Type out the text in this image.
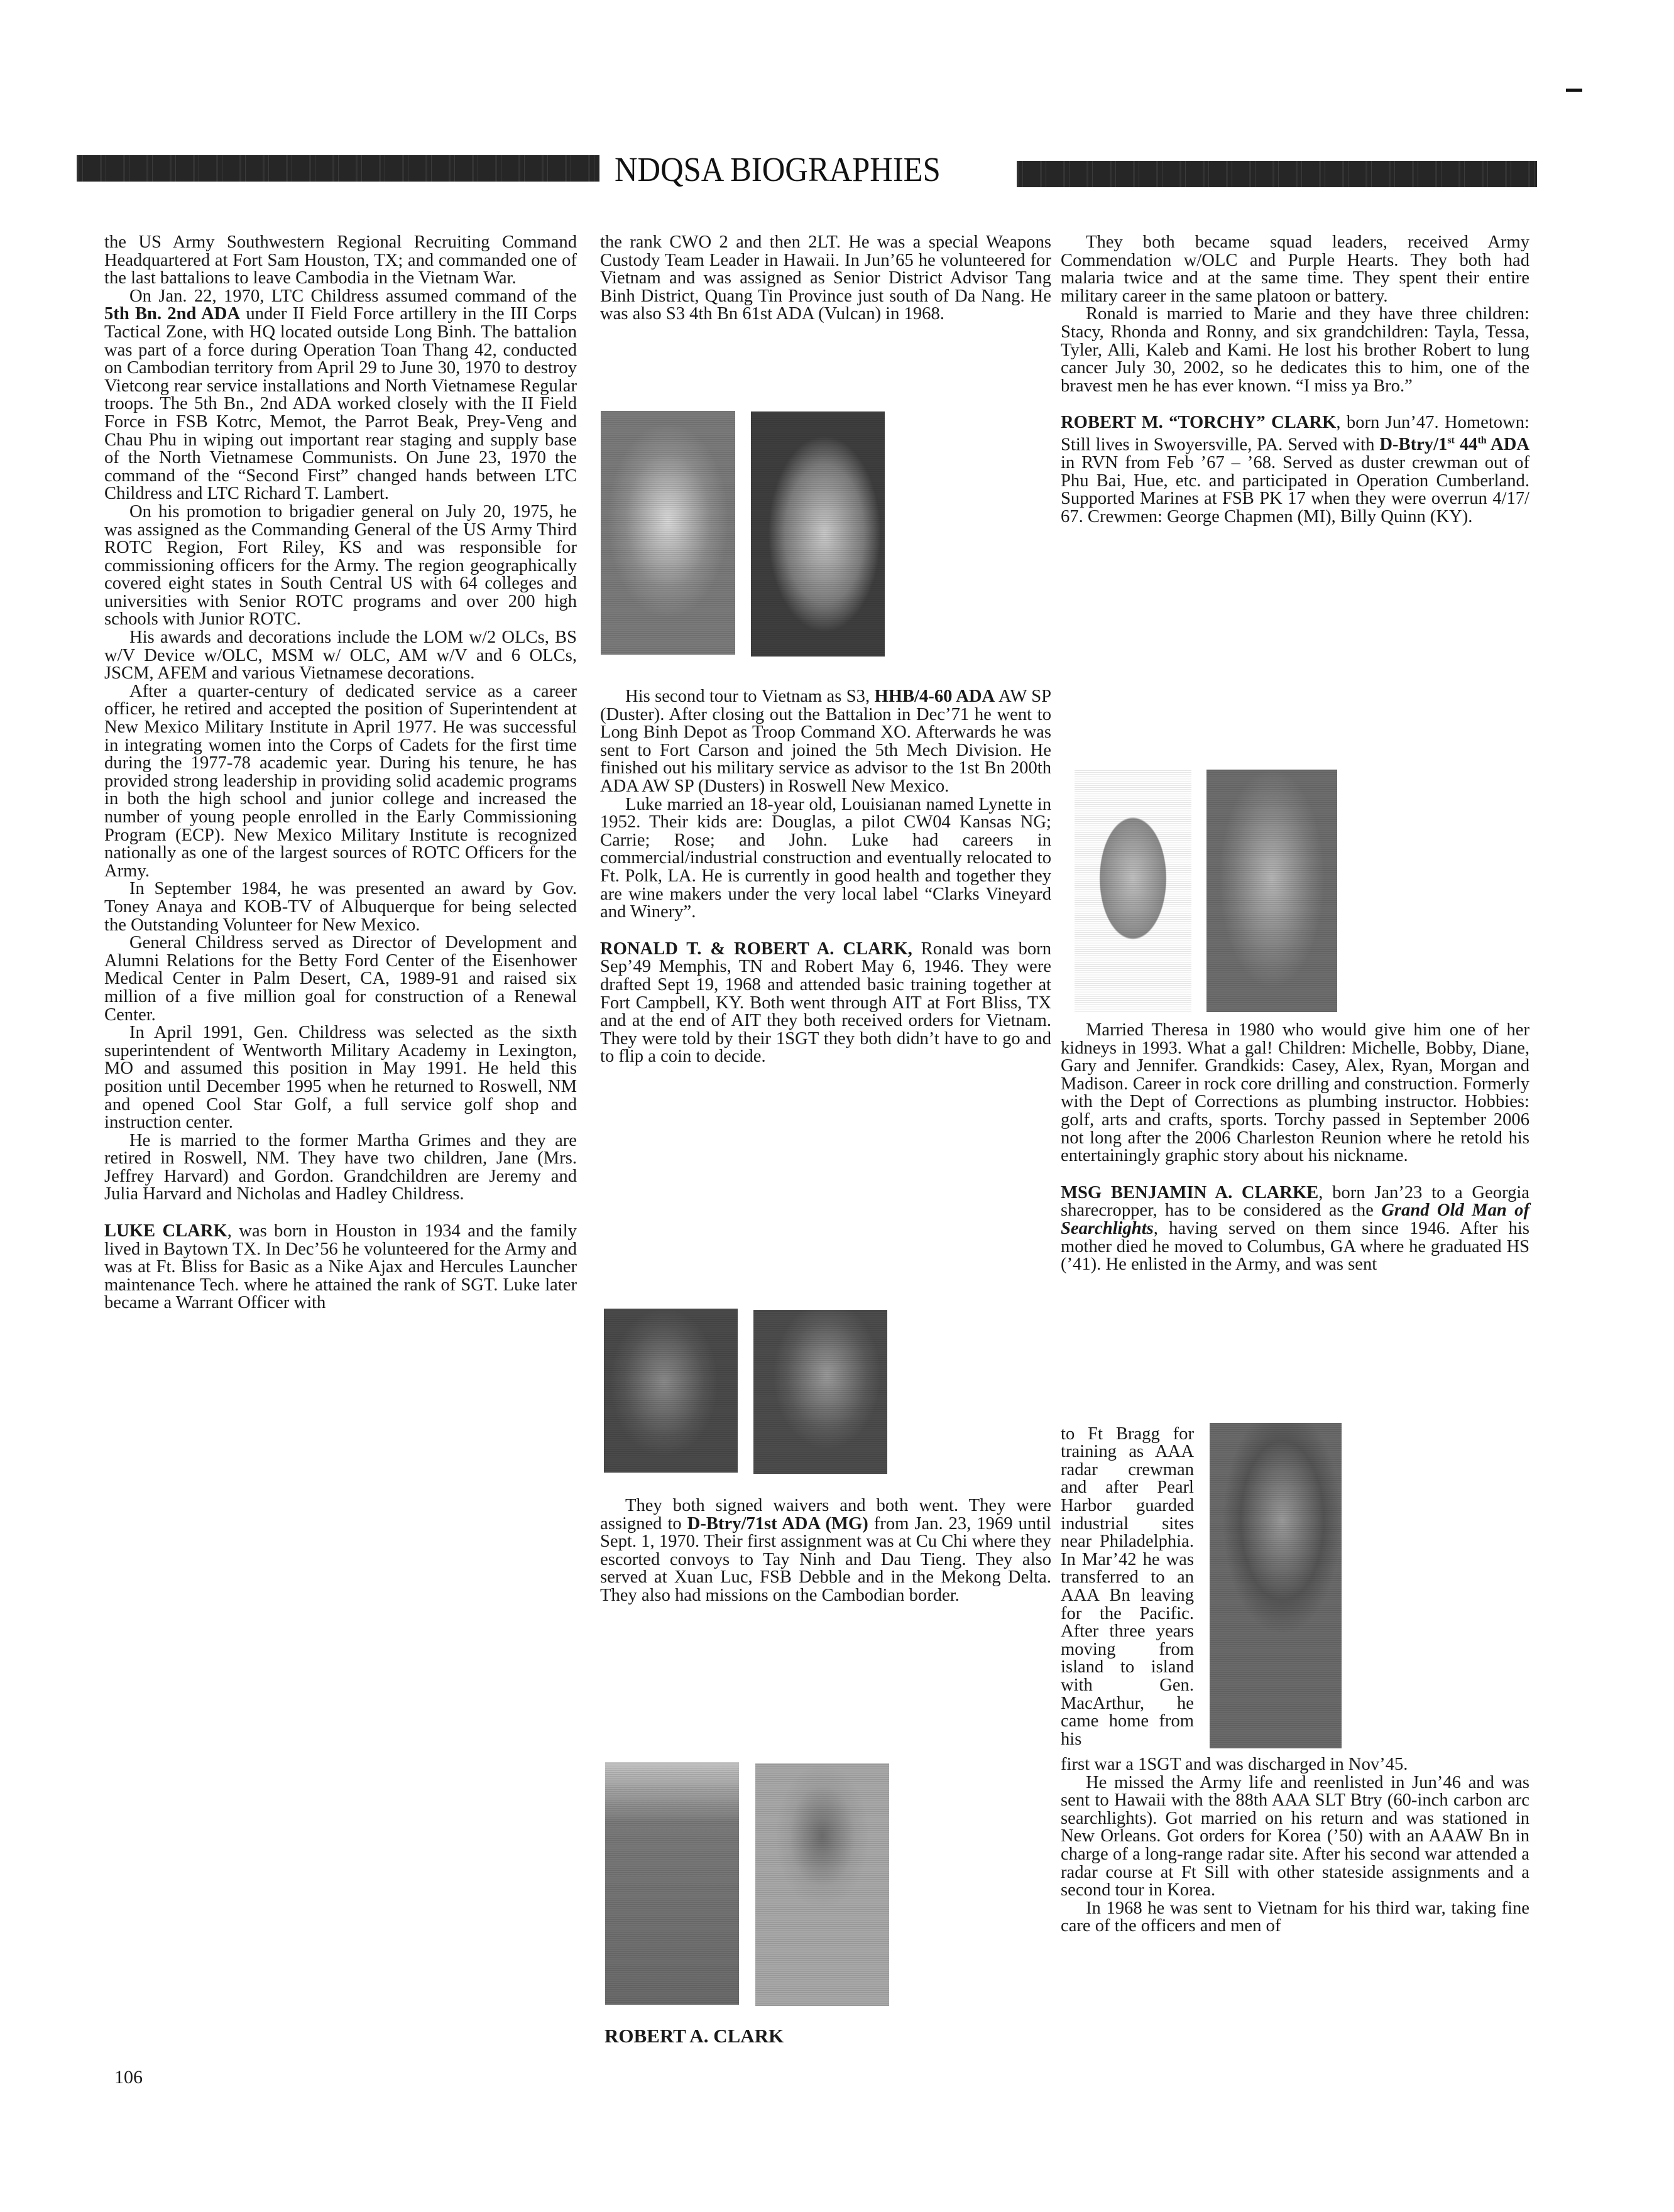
NDQSA BIOGRAPHIES

the US Army Southwestern Regional Recruiting Command Headquartered at Fort Sam Houston, TX; and commanded one of the last battalions to leave Cambodia in the Vietnam War.

On Jan. 22, 1970, LTC Childress assumed command of the 5th Bn. 2nd ADA under II Field Force artillery in the III Corps Tactical Zone, with HQ located outside Long Binh. The battalion was part of a force during Operation Toan Thang 42, conducted on Cambodian territory from April 29 to June 30, 1970 to destroy Vietcong rear service installations and North Vietnamese Regular troops. The 5th Bn., 2nd ADA worked closely with the II Field Force in FSB Kotrc, Memot, the Parrot Beak, Prey-Veng and Chau Phu in wiping out important rear staging and supply base of the North Vietnamese Communists. On June 23, 1970 the command of the “Second First” changed hands between LTC Childress and LTC Richard T. Lambert.

On his promotion to brigadier general on July 20, 1975, he was assigned as the Commanding General of the US Army Third ROTC Region, Fort Riley, KS and was responsible for commissioning officers for the Army. The region geographically covered eight states in South Central US with 64 colleges and universities with Senior ROTC programs and over 200 high schools with Junior ROTC.

His awards and decorations include the LOM w/2 OLCs, BS w/V Device w/OLC, MSM w/ OLC, AM w/V and 6 OLCs, JSCM, AFEM and various Vietnamese decorations.

After a quarter-century of dedicated service as a career officer, he retired and accepted the position of Superintendent at New Mexico Military Institute in April 1977. He was successful in integrating women into the Corps of Cadets for the first time during the 1977-78 academic year. During his tenure, he has provided strong leadership in providing solid academic programs in both the high school and junior college and increased the number of young people enrolled in the Early Commissioning Program (ECP). New Mexico Military Institute is recognized nationally as one of the largest sources of ROTC Officers for the Army.

In September 1984, he was presented an award by Gov. Toney Anaya and KOB-TV of Albuquerque for being selected the Outstanding Volunteer for New Mexico.

General Childress served as Director of Development and Alumni Relations for the Betty Ford Center of the Eisenhower Medical Center in Palm Desert, CA, 1989-91 and raised six million of a five million goal for construction of a Renewal Center.

In April 1991, Gen. Childress was selected as the sixth superintendent of Wentworth Military Academy in Lexington, MO and assumed this position in May 1991. He held this position until December 1995 when he returned to Roswell, NM and opened Cool Star Golf, a full service golf shop and instruction center.

He is married to the former Martha Grimes and they are retired in Roswell, NM. They have two children, Jane (Mrs. Jeffrey Harvard) and Gordon. Grandchildren are Jeremy and Julia Harvard and Nicholas and Hadley Childress.

LUKE CLARK, was born in Houston in 1934 and the family lived in Baytown TX. In Dec’56 he volunteered for the Army and was at Ft. Bliss for Basic as a Nike Ajax and Hercules Launcher maintenance Tech. where he attained the rank of SGT. Luke later became a Warrant Officer with

106

the rank CWO 2 and then 2LT. He was a special Weapons Custody Team Leader in Hawaii. In Jun’65 he volunteered for Vietnam and was assigned as Senior District Advisor Tang Binh District, Quang Tin Province just south of Da Nang. He was also S3 4th Bn 61st ADA (Vulcan) in 1968.

His second tour to Vietnam as S3, HHB/4-60 ADA AW SP (Duster). After closing out the Battalion in Dec’71 he went to Long Binh Depot as Troop Command XO. Afterwards he was sent to Fort Carson and joined the 5th Mech Division. He finished out his military service as advisor to the 1st Bn 200th ADA AW SP (Dusters) in Roswell New Mexico.

Luke married an 18-year old, Louisianan named Lynette in 1952. Their kids are: Douglas, a pilot CW04 Kansas NG; Carrie; Rose; and John. Luke had careers in commercial/industrial construction and eventually relocated to Ft. Polk, LA. He is currently in good health and together they are wine makers under the very local label “Clarks Vineyard and Winery”.

RONALD T. & ROBERT A. CLARK, Ronald was born Sep’49 Memphis, TN and Robert May 6, 1946. They were drafted Sept 19, 1968 and attended basic training together at Fort Campbell, KY. Both went through AIT at Fort Bliss, TX and at the end of AIT they both received orders for Vietnam. They were told by their 1SGT they both didn’t have to go and to flip a coin to decide.

They both signed waivers and both went. They were assigned to D-Btry/71st ADA (MG) from Jan. 23, 1969 until Sept. 1, 1970. Their first assignment was at Cu Chi where they escorted convoys to Tay Ninh and Dau Tieng. They also served at Xuan Luc, FSB Debble and in the Mekong Delta. They also had missions on the Cambodian border.

ROBERT A. CLARK

They both became squad leaders, received Army Commendation w/OLC and Purple Hearts. They both had malaria twice and at the same time. They spent their entire military career in the same platoon or battery.

Ronald is married to Marie and they have three children: Stacy, Rhonda and Ronny, and six grandchildren: Tayla, Tessa, Tyler, Alli, Kaleb and Kami. He lost his brother Robert to lung cancer July 30, 2002, so he dedicates this to him, one of the bravest men he has ever known. “I miss ya Bro.”

ROBERT M. “TORCHY” CLARK, born Jun’47. Hometown: Still lives in Swoyersville, PA. Served with D-Btry/1st 44th ADA in RVN from Feb ’67 – ’68. Served as duster crewman out of Phu Bai, Hue, etc. and participated in Operation Cumberland. Supported Marines at FSB PK 17 when they were overrun 4/17/ 67. Crewmen: George Chapmen (MI), Billy Quinn (KY).

Married Theresa in 1980 who would give him one of her kidneys in 1993. What a gal! Children: Michelle, Bobby, Diane, Gary and Jennifer. Grandkids: Casey, Alex, Ryan, Morgan and Madison. Career in rock core drilling and construction. Formerly with the Dept of Corrections as plumbing instructor. Hobbies: golf, arts and crafts, sports. Torchy passed in September 2006 not long after the 2006 Charleston Reunion where he retold his entertainingly graphic story about his nickname.

MSG BENJAMIN A. CLARKE, born Jan’23 to a Georgia sharecropper, has to be considered as the Grand Old Man of Searchlights, having served on them since 1946. After his mother died he moved to Columbus, GA where he graduated HS (’41). He enlisted in the Army, and was sent

to Ft Bragg for training as AAA radar crewman and after Pearl Harbor guarded industrial sites near Philadelphia. In Mar’42 he was transferred to an AAA Bn leaving for the Pacific. After three years moving from island to island with Gen. MacArthur, he came home from his

first war a 1SGT and was discharged in Nov’45.

He missed the Army life and reenlisted in Jun’46 and was sent to Hawaii with the 88th AAA SLT Btry (60-inch carbon arc searchlights). Got married on his return and was stationed in New Orleans. Got orders for Korea (’50) with an AAAW Bn in charge of a long-range radar site. After his second war attended a radar course at Ft Sill with other stateside assignments and a second tour in Korea.

In 1968 he was sent to Vietnam for his third war, taking fine care of the officers and men of
